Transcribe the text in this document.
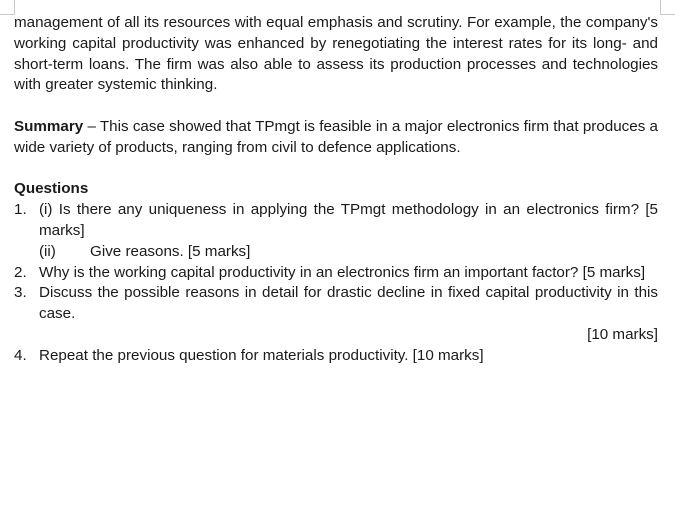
management of all its resources with equal emphasis and scrutiny. For example, the company's working capital productivity was enhanced by renegotiating the interest rates for its long- and short-term loans. The firm was also able to assess its production processes and technologies with greater systemic thinking.

Summary – This case showed that TPmgt is feasible in a major electronics firm that produces a wide variety of products, ranging from civil to defence applications.

Questions

1. (i) Is there any uniqueness in applying the TPmgt methodology in an electronics firm? [5 marks]
(ii) Give reasons. [5 marks]
2. Why is the working capital productivity in an electronics firm an important factor? [5 marks]
3. Discuss the possible reasons in detail for drastic decline in fixed capital productivity in this case.
[10 marks]
4. Repeat the previous question for materials productivity. [10 marks]
